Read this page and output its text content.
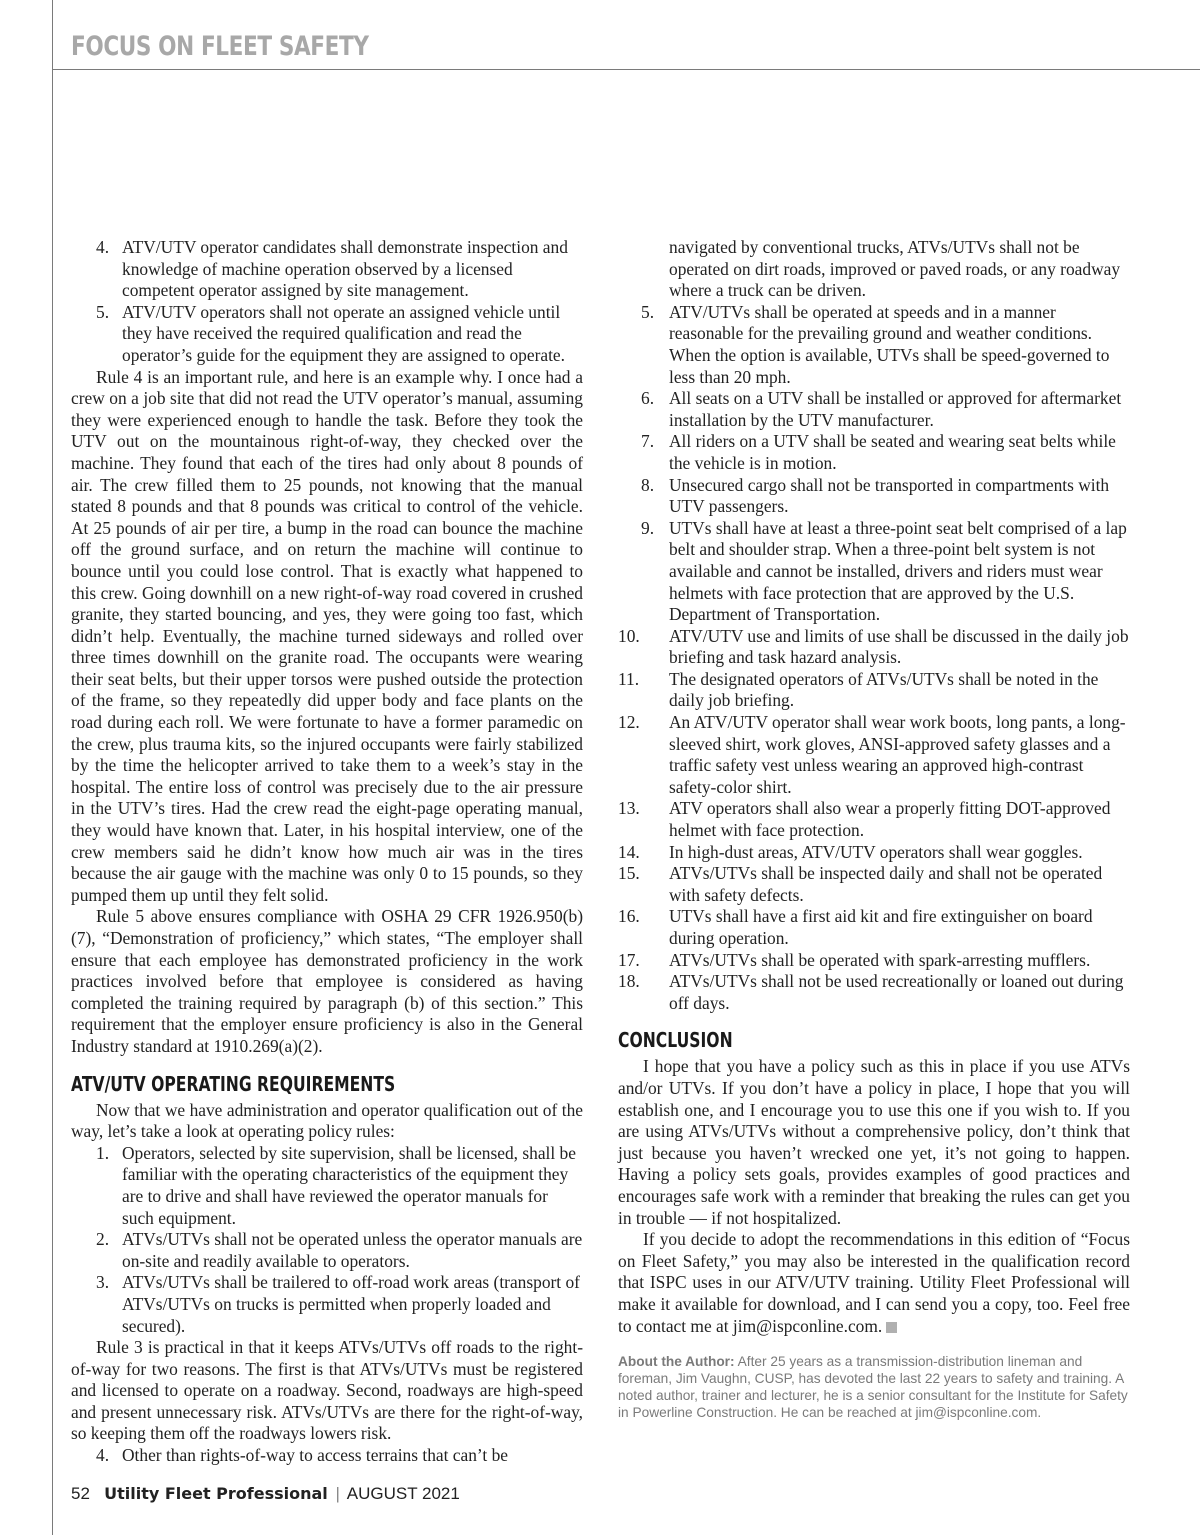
FOCUS ON FLEET SAFETY
4. ATV/UTV operator candidates shall demonstrate inspection and knowledge of machine operation observed by a licensed competent operator assigned by site management.
5. ATV/UTV operators shall not operate an assigned vehicle until they have received the required qualification and read the operator’s guide for the equipment they are assigned to operate.

Rule 4 is an important rule, and here is an example why. I once had a crew on a job site that did not read the UTV operator’s manual, assuming they were experienced enough to handle the task. Before they took the UTV out on the mountainous right-of-way, they checked over the machine. They found that each of the tires had only about 8 pounds of air. The crew filled them to 25 pounds, not knowing that the manual stated 8 pounds and that 8 pounds was critical to control of the vehicle. At 25 pounds of air per tire, a bump in the road can bounce the machine off the ground surface, and on return the machine will continue to bounce until you could lose control. That is exactly what happened to this crew. Going downhill on a new right-of-way road covered in crushed granite, they started bouncing, and yes, they were going too fast, which didn’t help. Eventually, the machine turned sideways and rolled over three times downhill on the granite road. The occupants were wearing their seat belts, but their upper torsos were pushed outside the protection of the frame, so they repeatedly did upper body and face plants on the road during each roll. We were fortunate to have a former paramedic on the crew, plus trauma kits, so the injured occupants were fairly stabilized by the time the helicopter arrived to take them to a week’s stay in the hospital. The entire loss of control was precisely due to the air pressure in the UTV’s tires. Had the crew read the eight-page operating manual, they would have known that. Later, in his hospital interview, one of the crew members said he didn’t know how much air was in the tires because the air gauge with the machine was only 0 to 15 pounds, so they pumped them up until they felt solid.

Rule 5 above ensures compliance with OSHA 29 CFR 1926.950(b)(7), “Demonstration of proficiency,” which states, “The employer shall ensure that each employee has demonstrated proficiency in the work practices involved before that employee is considered as having completed the training required by paragraph (b) of this section.” This requirement that the employer ensure proficiency is also in the General Industry standard at 1910.269(a)(2).

ATV/UTV OPERATING REQUIREMENTS

Now that we have administration and operator qualification out of the way, let’s take a look at operating policy rules:

1. Operators, selected by site supervision, shall be licensed, shall be familiar with the operating characteristics of the equipment they are to drive and shall have reviewed the operator manuals for such equipment.
2. ATVs/UTVs shall not be operated unless the operator manuals are on-site and readily available to operators.
3. ATVs/UTVs shall be trailered to off-road work areas (transport of ATVs/UTVs on trucks is permitted when properly loaded and secured).

Rule 3 is practical in that it keeps ATVs/UTVs off roads to the right-of-way for two reasons. The first is that ATVs/UTVs must be registered and licensed to operate on a roadway. Second, roadways are high-speed and present unnecessary risk. ATVs/UTVs are there for the right-of-way, so keeping them off the roadways lowers risk.

4. Other than rights-of-way to access terrains that can’t be
navigated by conventional trucks, ATVs/UTVs shall not be operated on dirt roads, improved or paved roads, or any roadway where a truck can be driven.
5. ATV/UTVs shall be operated at speeds and in a manner reasonable for the prevailing ground and weather conditions. When the option is available, UTVs shall be speed-governed to less than 20 mph.
6. All seats on a UTV shall be installed or approved for aftermarket installation by the UTV manufacturer.
7. All riders on a UTV shall be seated and wearing seat belts while the vehicle is in motion.
8. Unsecured cargo shall not be transported in compartments with UTV passengers.
9. UTVs shall have at least a three-point seat belt comprised of a lap belt and shoulder strap. When a three-point belt system is not available and cannot be installed, drivers and riders must wear helmets with face protection that are approved by the U.S. Department of Transportation.
10. ATV/UTV use and limits of use shall be discussed in the daily job briefing and task hazard analysis.
11. The designated operators of ATVs/UTVs shall be noted in the daily job briefing.
12. An ATV/UTV operator shall wear work boots, long pants, a long-sleeved shirt, work gloves, ANSI-approved safety glasses and a traffic safety vest unless wearing an approved high-contrast safety-color shirt.
13. ATV operators shall also wear a properly fitting DOT-approved helmet with face protection.
14. In high-dust areas, ATV/UTV operators shall wear goggles.
15. ATVs/UTVs shall be inspected daily and shall not be operated with safety defects.
16. UTVs shall have a first aid kit and fire extinguisher on board during operation.
17. ATVs/UTVs shall be operated with spark-arresting mufflers.
18. ATVs/UTVs shall not be used recreationally or loaned out during off days.
CONCLUSION

I hope that you have a policy such as this in place if you use ATVs and/or UTVs. If you don’t have a policy in place, I hope that you will establish one, and I encourage you to use this one if you wish to. If you are using ATVs/UTVs without a comprehensive policy, don’t think that just because you haven’t wrecked one yet, it’s not going to happen. Having a policy sets goals, provides examples of good practices and encourages safe work with a reminder that breaking the rules can get you in trouble — if not hospitalized.

If you decide to adopt the recommendations in this edition of “Focus on Fleet Safety,” you may also be interested in the qualification record that ISPC uses in our ATV/UTV training. Utility Fleet Professional will make it available for download, and I can send you a copy, too. Feel free to contact me at jim@ispconline.com.

About the Author: After 25 years as a transmission-distribution lineman and foreman, Jim Vaughn, CUSP, has devoted the last 22 years to safety and training. A noted author, trainer and lecturer, he is a senior consultant for the Institute for Safety in Powerline Construction. He can be reached at jim@ispconline.com.
52 Utility Fleet Professional | AUGUST 2021
